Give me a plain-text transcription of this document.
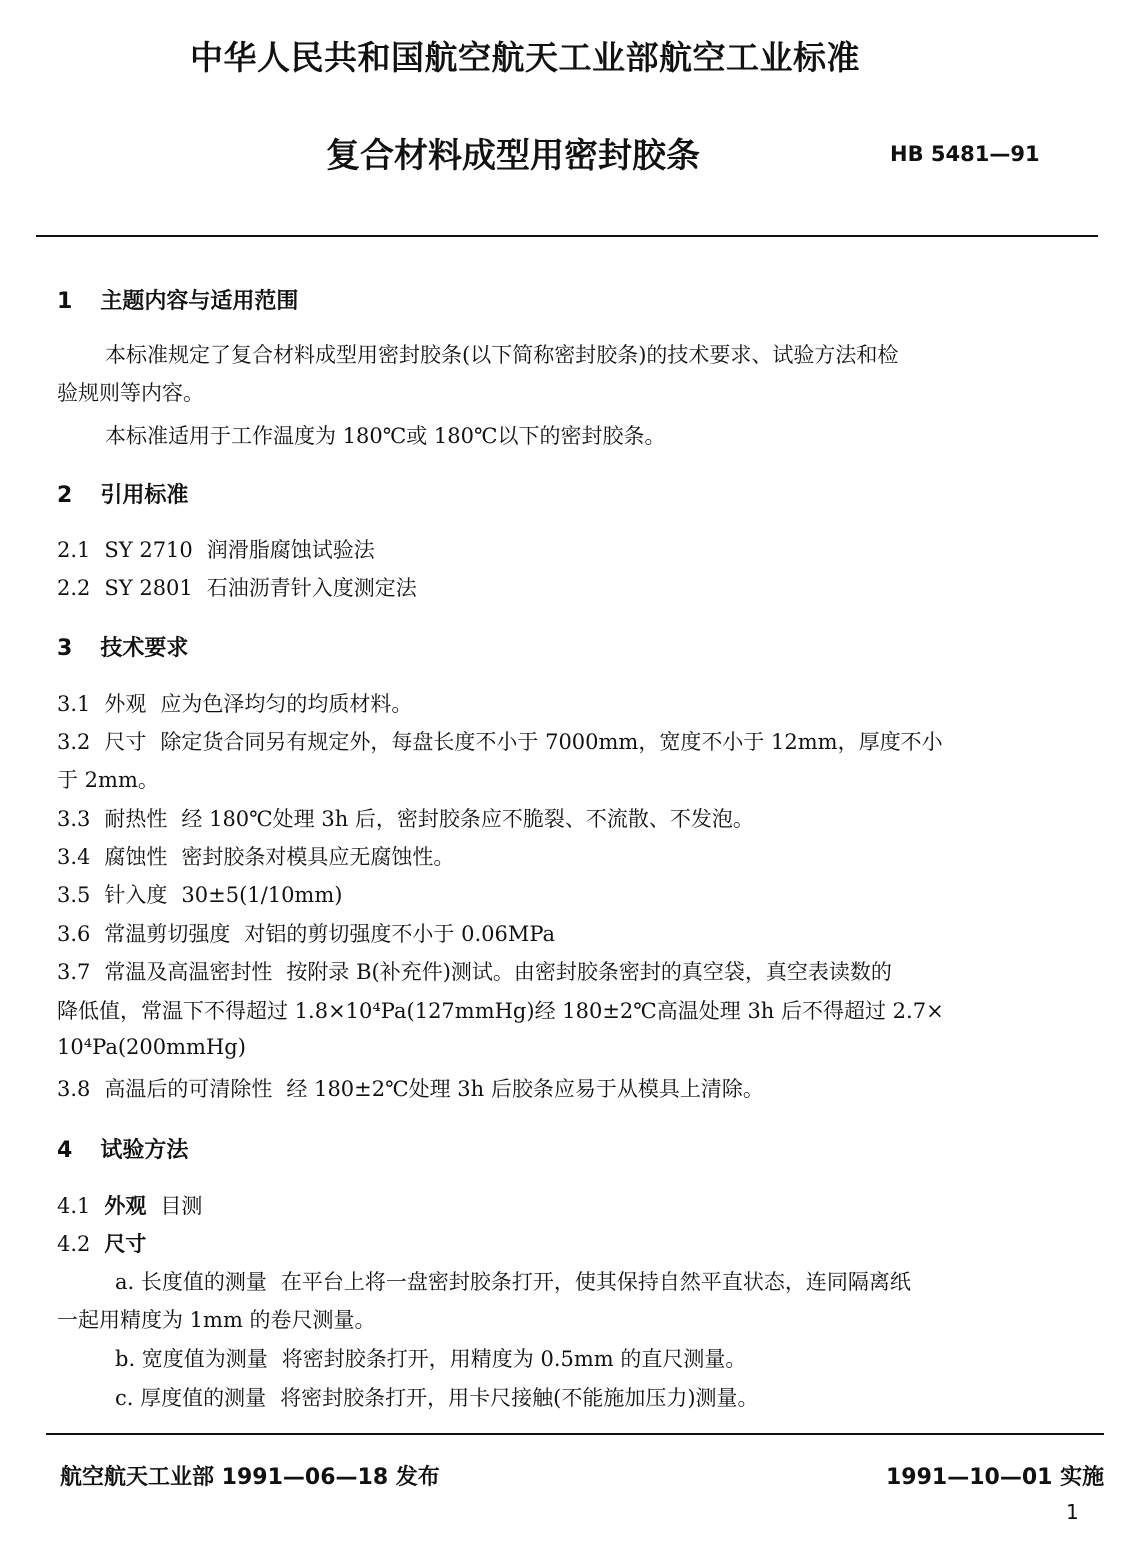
中华人民共和国航空航天工业部航空工业标准
复合材料成型用密封胶条	HB 5481—91
1 主题内容与适用范围
本标准规定了复合材料成型用密封胶条(以下简称密封胶条)的技术要求、试验方法和检
验规则等内容。
本标准适用于工作温度为 180℃或 180℃以下的密封胶条。
2 引用标准
2.1 SY 2710 润滑脂腐蚀试验法
2.2 SY 2801 石油沥青针入度测定法
3 技术要求
3.1 外观 应为色泽均匀的均质材料。
3.2 尺寸 除定货合同另有规定外，每盘长度不小于 7000mm，宽度不小于 12mm，厚度不小
于 2mm。
3.3 耐热性 经 180℃处理 3h 后，密封胶条应不脆裂、不流散、不发泡。
3.4 腐蚀性 密封胶条对模具应无腐蚀性。
3.5 针入度 30±5(1/10mm)
3.6 常温剪切强度 对铝的剪切强度不小于 0.06MPa
3.7 常温及高温密封性 按附录 B(补充件)测试。由密封胶条密封的真空袋，真空表读数的
降低值，常温下不得超过 1.8×10⁴Pa(127mmHg)经 180±2℃高温处理 3h 后不得超过 2.7×
10⁴Pa(200mmHg)
3.8 高温后的可清除性 经 180±2℃处理 3h 后胶条应易于从模具上清除。
4 试验方法
4.1 外观 目测
4.2 尺寸
a. 长度值的测量 在平台上将一盘密封胶条打开，使其保持自然平直状态，连同隔离纸
一起用精度为 1mm 的卷尺测量。
b. 宽度值为测量 将密封胶条打开，用精度为 0.5mm 的直尺测量。
c. 厚度值的测量 将密封胶条打开，用卡尺接触(不能施加压力)测量。
航空航天工业部 1991—06—18 发布	1991—10—01 实施
1
